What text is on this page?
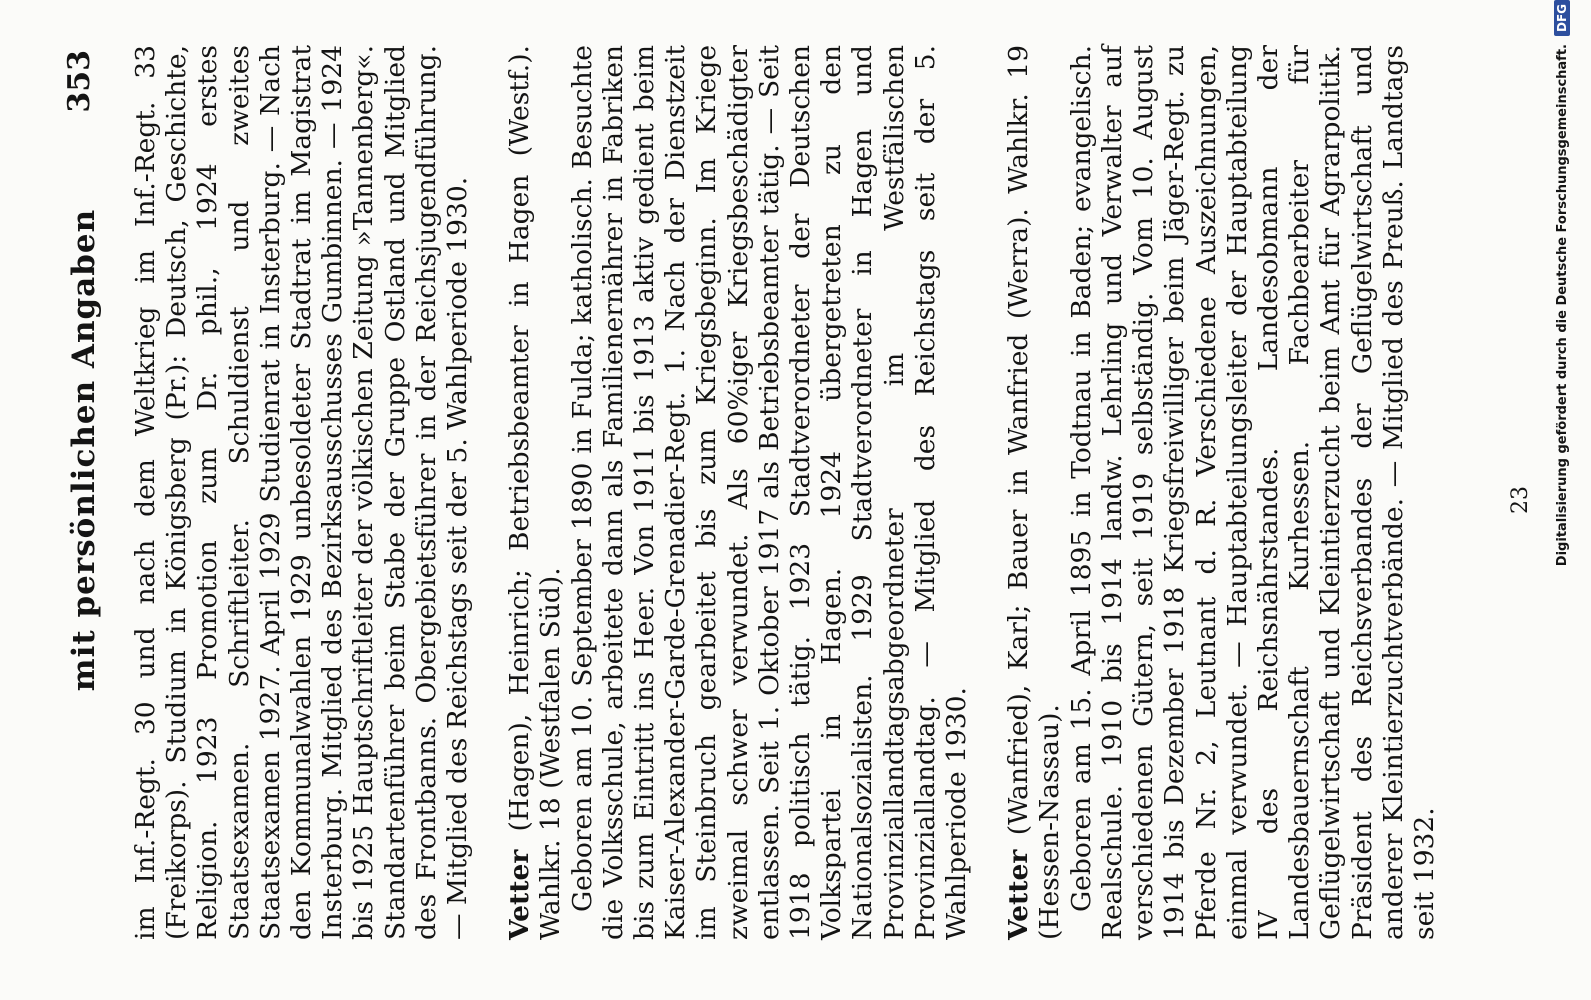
mit persönlichen Angaben
353 im Inf.-Regt. 30 und nach dem Weltkrieg im Inf.-Regt. 33 (Freikorps). Studium in Königsberg (Pr.): Deutsch, Geschichte, Religion. 1923 Promotion zum Dr. phil., 1924 erstes Staatsexamen. Schriftleiter. Schuldienst und zweites Staatsexamen 1927. April 1929 Studienrat in Insterburg. — Nach den Kommunalwahlen 1929 unbesoldeter Stadtrat im Magistrat Insterburg. Mitglied des Bezirksausschusses Gumbinnen. — 1924 bis 1925 Hauptschriftleiter der völkischen Zeitung »Tannenberg«. Standartenführer beim Stabe der Gruppe Ostland und Mitglied des Frontbanns. Obergebietsführer in der Reichsjugendführung. — Mitglied des Reichstags seit der 5. Wahlperiode 1930. Vetter (Hagen), Heinrich; Betriebsbeamter in Hagen (Westf.). Wahlkr. 18 (Westfalen Süd). Geboren am 10. September 1890 in Fulda; katholisch. Besuchte die Volksschule, arbeitete dann als Familienernährer in Fabriken bis zum Eintritt ins Heer. Von 1911 bis 1913 aktiv gedient beim Kaiser-Alexander-Garde-Grenadier-Regt. 1. Nach der Dienstzeit im Steinbruch gearbeitet bis zum Kriegsbeginn. Im Kriege zweimal schwer verwundet. Als 60%iger Kriegsbeschädigter entlassen. Seit 1. Oktober 1917 als Betriebsbeamter tätig. — Seit 1918 politisch tätig. 1923 Stadtverordneter der Deutschen Volkspartei in Hagen. 1924 übergetreten zu den Nationalsozialisten. 1929 Stadtverordneter in Hagen und Provinziallandtagsabgeordneter im Westfälischen Provinziallandtag. — Mitglied des Reichstags seit der 5. Wahlperiode 1930. Vetter (Wanfried), Karl; Bauer in Wanfried (Werra). Wahlkr. 19 (Hessen-Nassau). Geboren am 15. April 1895 in Todtnau in Baden; evangelisch. Realschule. 1910 bis 1914 landw. Lehrling und Verwalter auf verschiedenen Gütern, seit 1919 selbständig. Vom 10. August 1914 bis Dezember 1918 Kriegsfreiwilliger beim Jäger-Regt. zu Pferde Nr. 2, Leutnant d. R. Verschiedene Auszeichnungen, einmal verwundet. — Hauptabteilungsleiter der Hauptabteilung IV des Reichsnährstandes. Landesobmann der Landesbauernschaft Kurhessen. Fachbearbeiter für Geflügelwirtschaft und Kleintierzucht beim Amt für Agrarpolitik. Präsident des Reichsverbandes der Geflügelwirtschaft und anderer Kleintierzuchtverbände. — Mitglied des Preuß. Landtags seit 1932.

23 Digitalisierung gefördert durch die Deutsche Forschungsgemeinschaft.
DFG
